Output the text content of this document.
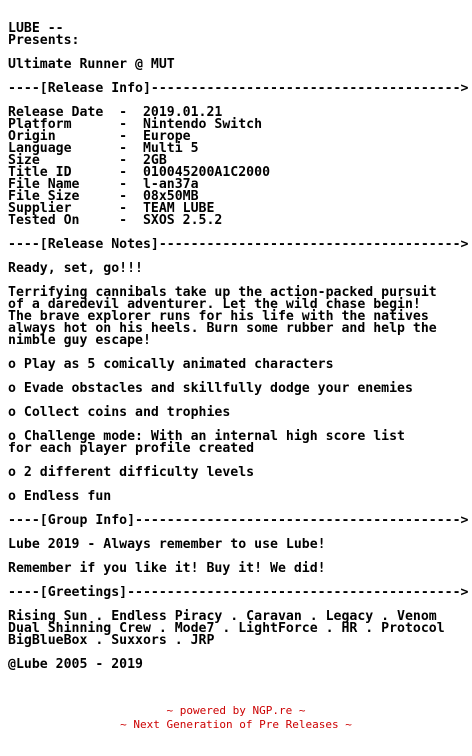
LUBE --
Presents:
Ultimate Runner @ MUT
----[Release Info]--------------------------------------->
Release Date  -  2019.01.21
Platform      -  Nintendo Switch
Origin        -  Europe
Language      -  Multi 5
Size          -  2GB
Title ID      -  010045200A1C2000
File Name     -  l-an37a
File Size     -  08x50MB
Supplier      -  TEAM LUBE
Tested On     -  SXOS 2.5.2
----[Release Notes]-------------------------------------->
Ready, set, go!!!
Terrifying cannibals take up the action-packed pursuit
of a daredevil adventurer. Let the wild chase begin!
The brave explorer runs for his life with the natives
always hot on his heels. Burn some rubber and help the
nimble guy escape!
o Play as 5 comically animated characters
o Evade obstacles and skillfully dodge your enemies
o Collect coins and trophies
o Challenge mode: With an internal high score list
for each player profile created
o 2 different difficulty levels
o Endless fun
----[Group Info]----------------------------------------->
Lube 2019 - Always remember to use Lube!
Remember if you like it! Buy it! We did!
----[Greetings]------------------------------------------>
Rising Sun . Endless Piracy . Caravan . Legacy . Venom
Dual Shinning Crew . Mode7 . LightForce . HR . Protocol
BigBlueBox . Suxxors . JRP
@Lube 2005 - 2019
~ powered by NGP.re ~
~ Next Generation of Pre Releases ~
